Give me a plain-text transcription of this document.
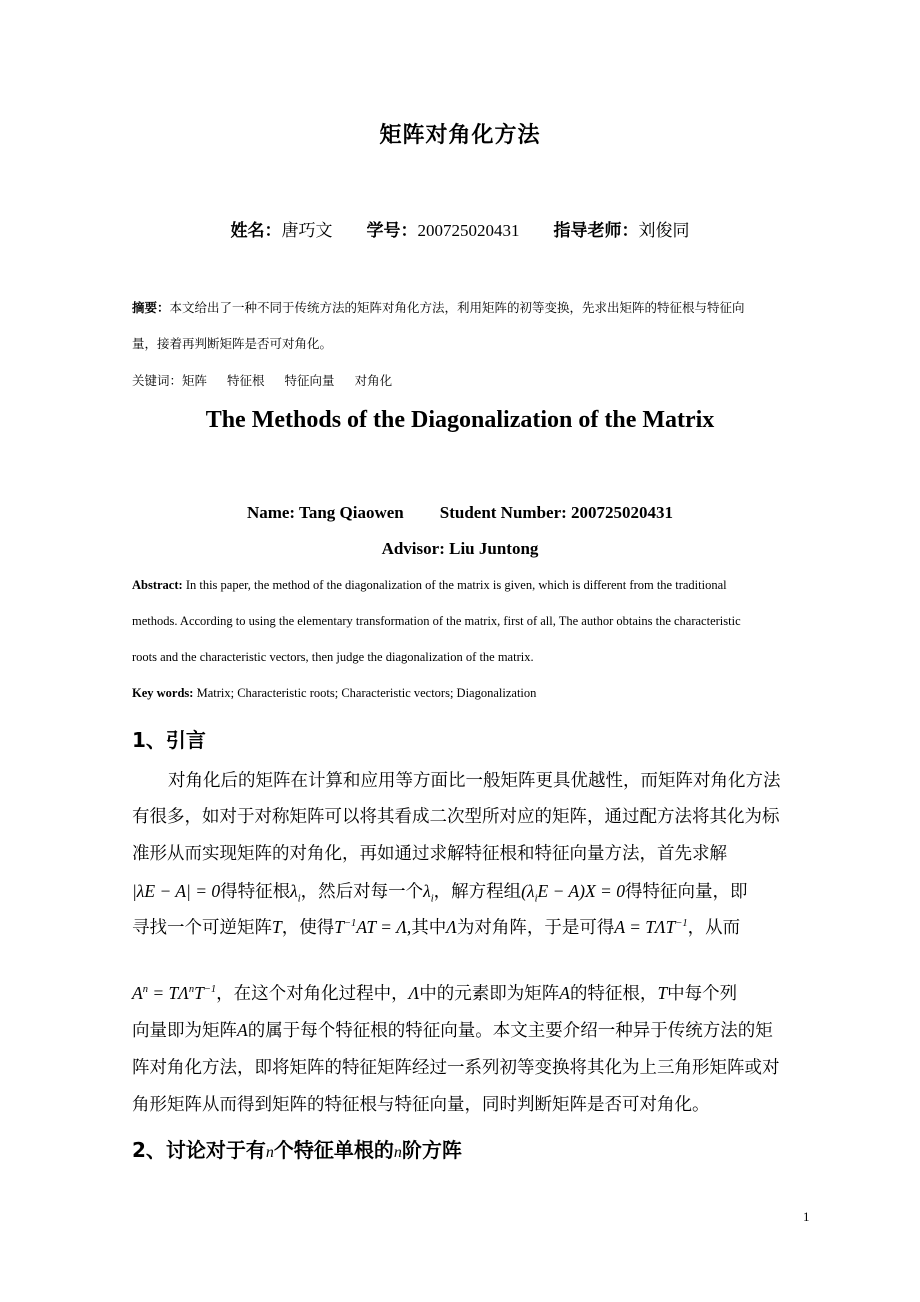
矩阵对角化方法
姓名：唐巧文 学号：200725020431 指导老师：刘俊同
摘要：本文给出了一种不同于传统方法的矩阵对角化方法，利用矩阵的初等变换，先求出矩阵的特征根与特征向
量，接着再判断矩阵是否可对角化。
关键词：矩阵 特征根 特征向量 对角化
The Methods of the Diagonalization of the Matrix
Name: Tang Qiaowen Student Number: 200725020431
Advisor: Liu Juntong
Abstract: In this paper, the method of the diagonalization of the matrix is given, which is different from the traditional
methods. According to using the elementary transformation of the matrix, first of all, The author obtains the characteristic
roots and the characteristic vectors, then judge the diagonalization of the matrix.
Key words: Matrix; Characteristic roots; Characteristic vectors; Diagonalization
1、引言
对角化后的矩阵在计算和应用等方面比一般矩阵更具优越性，而矩阵对角化方法
有很多，如对于对称矩阵可以将其看成二次型所对应的矩阵，通过配方法将其化为标
准形从而实现矩阵的对角化，再如通过求解特征根和特征向量方法，首先求解
|λE − A| = 0得特征根$\lambda_i$，然后对每一个$\lambda_i$，解方程组$(\lambda_iE - A)X = 0$得特征向量，即
寻找一个可逆矩阵T，使得$T^{-1}AT = \Lambda$,其中Λ为对角阵，于是可得$A = T\Lambda T^{-1}$，从而
$A^n = T\Lambda^nT^{-1}$，在这个对角化过程中，Λ中的元素即为矩阵A的特征根，T中每个列
向量即为矩阵A的属于每个特征根的特征向量。本文主要介绍一种异于传统方法的矩
阵对角化方法，即将矩阵的特征矩阵经过一系列初等变换将其化为上三角形矩阵或对
角形矩阵从而得到矩阵的特征根与特征向量，同时判断矩阵是否可对角化。
2、讨论对于有n个特征单根的n阶方阵
1
